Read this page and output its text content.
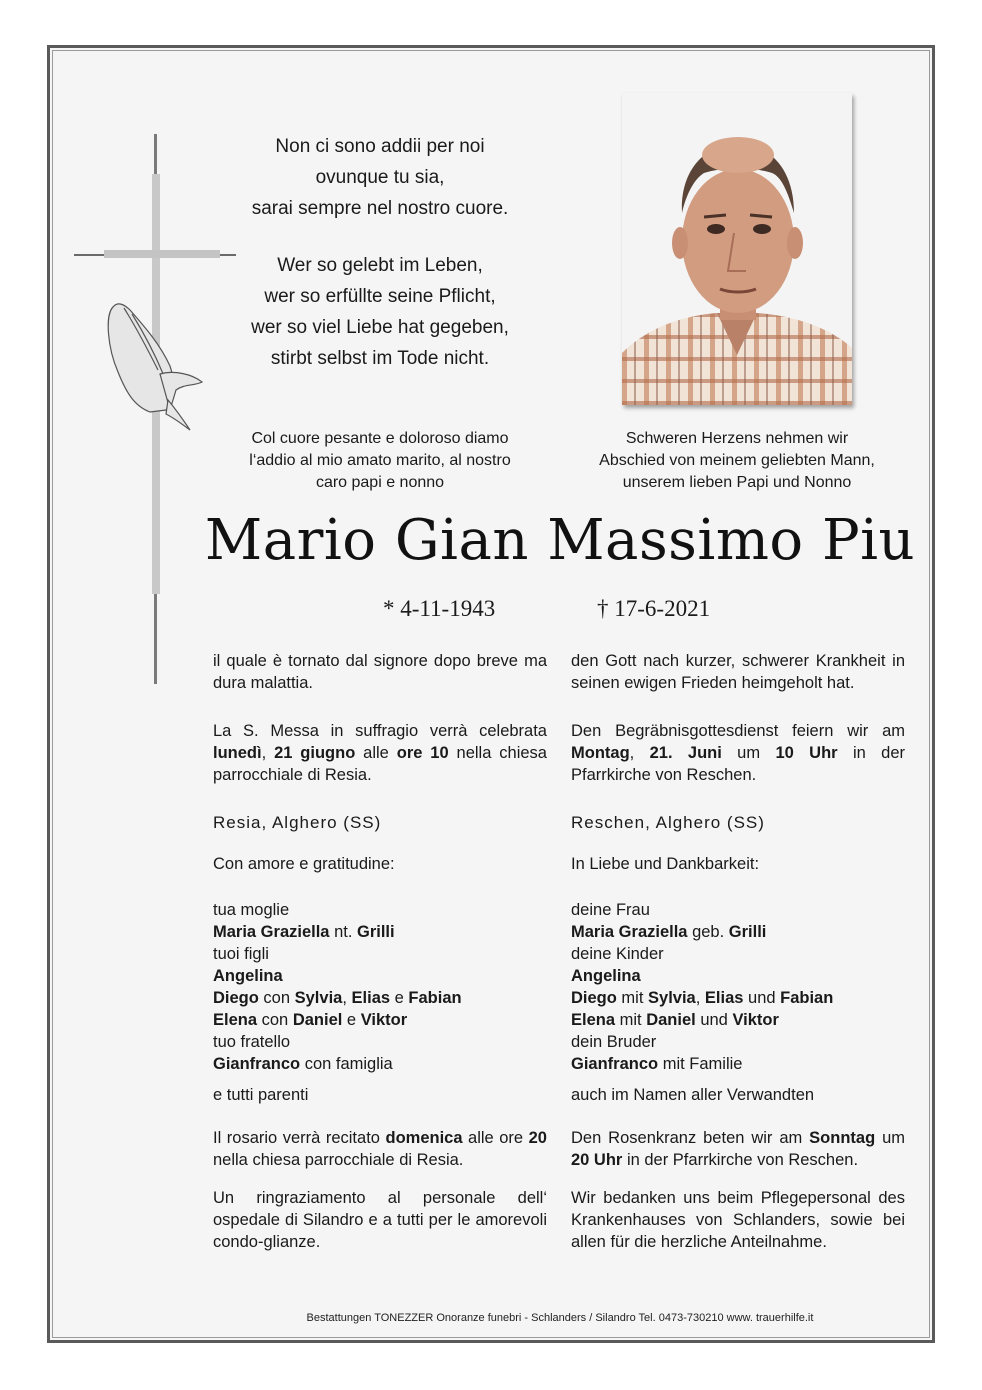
Non ci sono addii per noi
ovunque tu sia,
sarai sempre nel nostro cuore.
Wer so gelebt im Leben,
wer so erfüllte seine Pflicht,
wer so viel Liebe hat gegeben,
stirbt selbst im Tode nicht.
Col cuore pesante e doloroso diamo
l‘addio al mio amato marito, al nostro
caro papi e nonno
Schweren Herzens nehmen wir
Abschied von meinem geliebten Mann,
unserem lieben Papi und Nonno
Mario Gian Massimo Piu
* 4-11-1943	† 17-6-2021

il quale è tornato dal signore dopo breve ma dura malattia.

La S. Messa in suffragio verrà celebrata lunedì, 21 giugno alle ore 10 nella chiesa parrocchiale di Resia.

Resia, Alghero (SS)

Con amore e gratitudine:

tua moglie
Maria Graziella nt. Grilli
tuoi figli
Angelina
Diego con Sylvia, Elias e Fabian
Elena con Daniel e Viktor
tuo fratello
Gianfranco con famiglia
e tutti parenti

Il rosario verrà recitato domenica alle ore 20 nella chiesa parrocchiale di Resia.

Un ringraziamento al personale dell‘ ospedale di Silandro e a tutti per le amorevoli condo-glianze.

den Gott nach kurzer, schwerer Krankheit in seinen ewigen Frieden heimgeholt hat.

Den Begräbnisgottesdienst feiern wir am Montag, 21. Juni um 10 Uhr in der Pfarrkirche von Reschen.

Reschen, Alghero (SS)

In Liebe und Dankbarkeit:

deine Frau
Maria Graziella geb. Grilli
deine Kinder
Angelina
Diego mit Sylvia, Elias und Fabian
Elena mit Daniel und Viktor
dein Bruder
Gianfranco mit Familie
auch im Namen aller Verwandten

Den Rosenkranz beten wir am Sonntag um 20 Uhr in der Pfarrkirche von Reschen.

Wir bedanken uns beim Pflegepersonal des Krankenhauses von Schlanders, sowie bei allen für die herzliche Anteilnahme.

Bestattungen TONEZZER Onoranze funebri - Schlanders / Silandro Tel. 0473-730210 www. trauerhilfe.it
